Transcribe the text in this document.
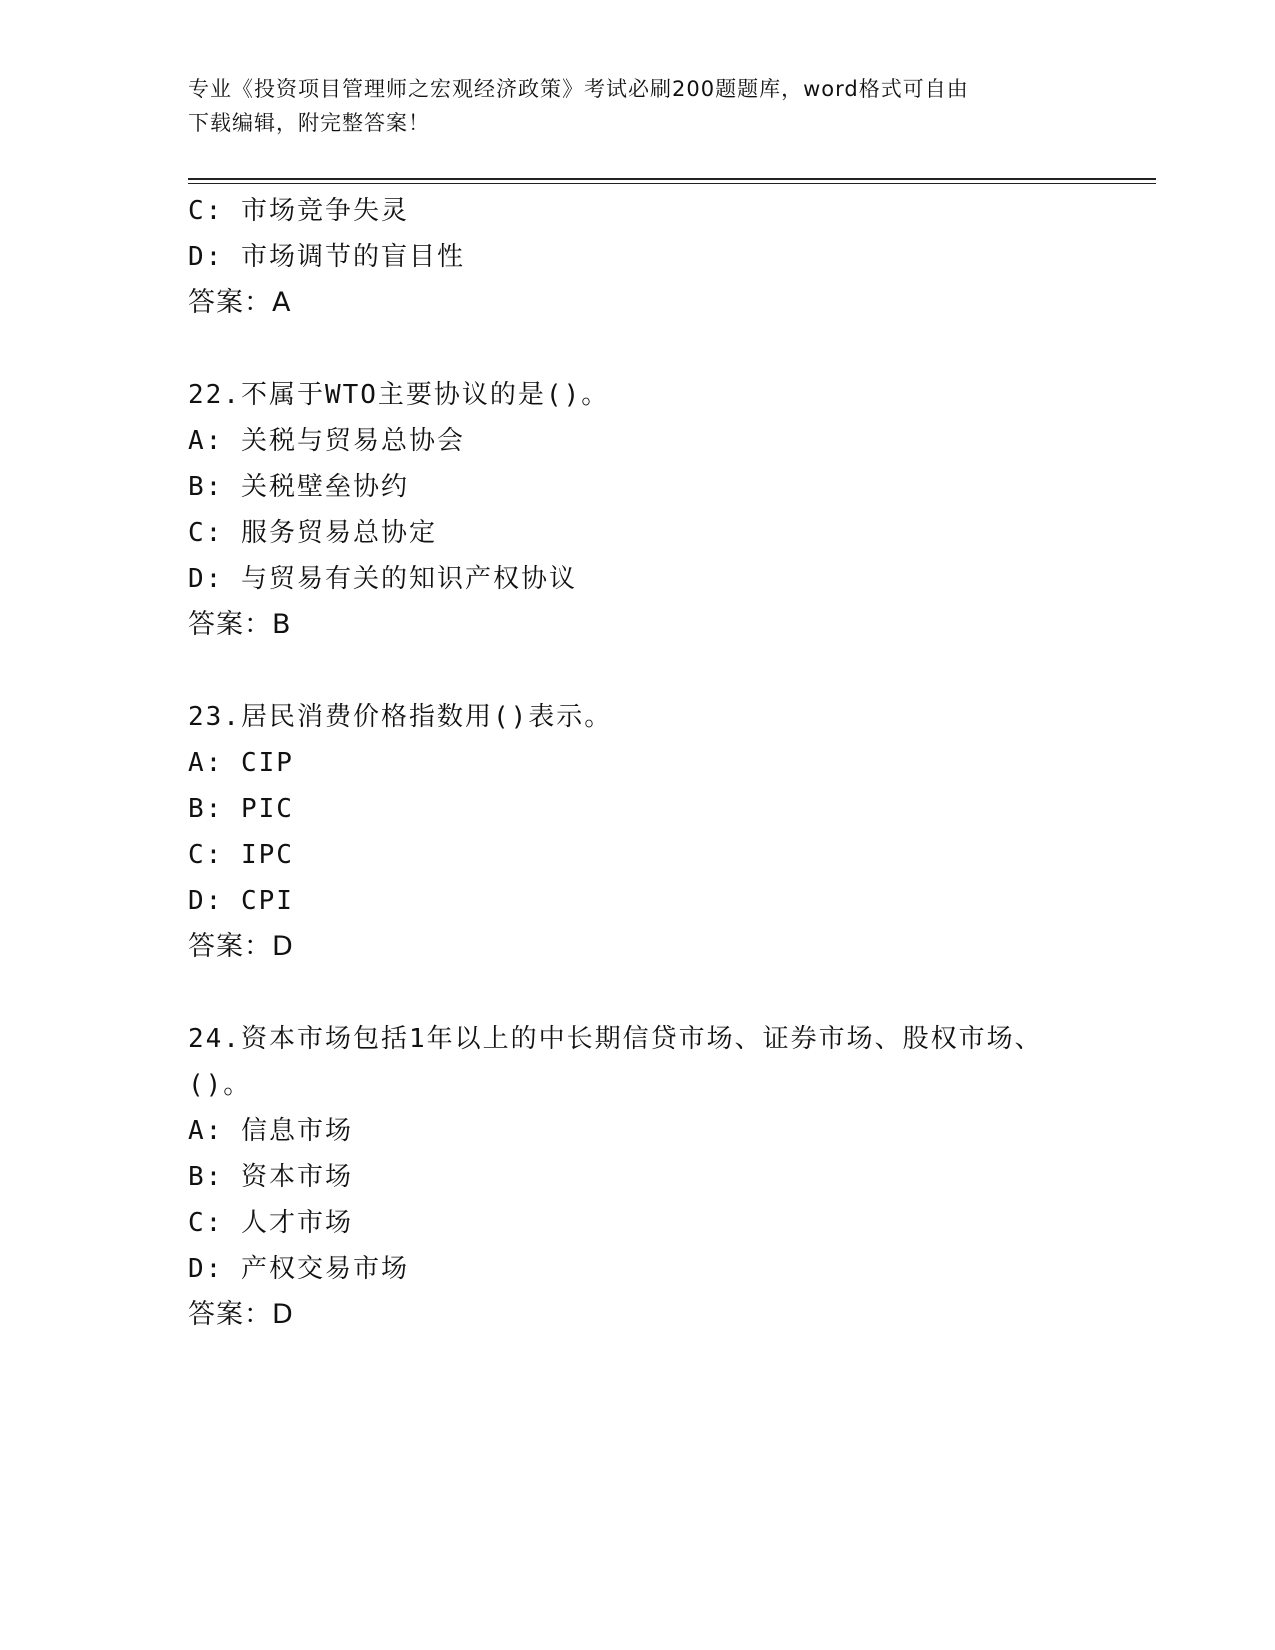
专业《投资项目管理师之宏观经济政策》考试必刷200题题库，word格式可自由
下载编辑，附完整答案！
C: 市场竞争失灵
D: 市场调节的盲目性
答案：A
22.不属于WTO主要协议的是()。
A: 关税与贸易总协会
B: 关税壁垒协约
C: 服务贸易总协定
D: 与贸易有关的知识产权协议
答案：B
23.居民消费价格指数用()表示。
A: CIP
B: PIC
C: IPC
D: CPI
答案：D
24.资本市场包括1年以上的中长期信贷市场、证券市场、股权市场、
()。
A: 信息市场
B: 资本市场
C: 人才市场
D: 产权交易市场
答案：D
